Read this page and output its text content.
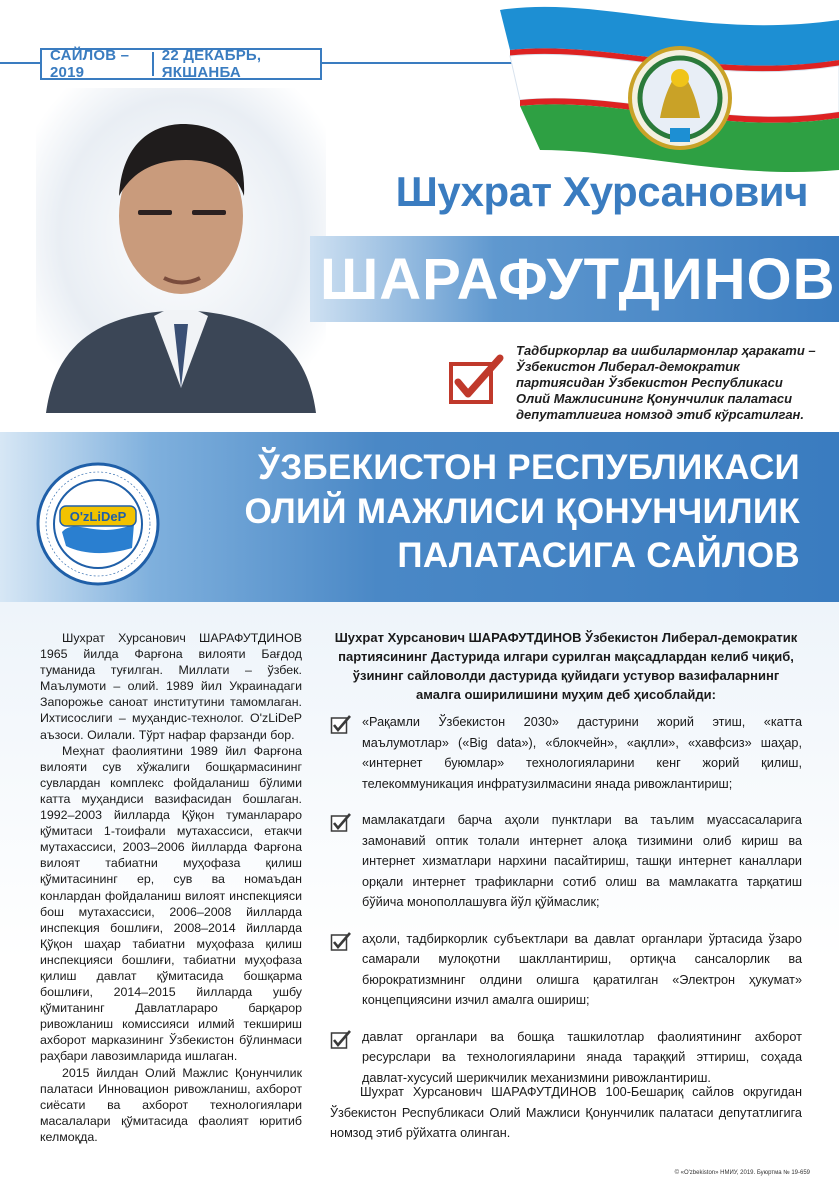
САЙЛОВ – 2019
22 ДЕКАБРЬ, ЯКШАНБА
Шухрат Хурсанович
ШАРАФУТДИНОВ
Тадбиркорлар ва ишбилармонлар ҳаракати – Ўзбекистон Либерал-демократик партиясидан Ўзбекистон Республикаси Олий Мажлисининг Қонунчилик палатаси депутатлигига номзод этиб кўрсатилган.
ЎЗБЕКИСТОН РЕСПУБЛИКАСИ
ОЛИЙ МАЖЛИСИ ҚОНУНЧИЛИК
ПАЛАТАСИГА САЙЛОВ
O'zLiDeP

Шухрат Хурсанович ШАРАФУТДИНОВ 1965 йилда Фарғона вилояти Бағдод туманида туғилган. Миллати – ўзбек. Маълумоти – олий. 1989 йил Украинадаги Запорожье саноат институтини тамомлаган. Ихтисослиги – муҳандис-технолог. O'zLiDeP аъзоси. Оилали. Тўрт нафар фарзанди бор.

Меҳнат фаолиятини 1989 йил Фарғона вилояти сув хўжалиги бошқармасининг сувлардан комплекс фойдаланиш бўлими катта муҳандиси вазифасидан бошлаган. 1992–2003 йилларда Қўқон туманлараро қўмитаси 1-тоифали мутахассиси, етакчи мутахассиси, 2003–2006 йилларда Фарғона вилоят табиатни муҳофаза қилиш қўмитасининг ер, сув ва номаъдан конлардан фойдаланиш вилоят инспекцияси бош мутахассиси, 2006–2008 йилларда инспекция бошлиғи, 2008–2014 йилларда Қўқон шаҳар табиатни муҳофаза қилиш инспекцияси бошлиғи, табиатни муҳофаза қилиш давлат қўмитасида бошқарма бошлиғи, 2014–2015 йилларда ушбу қўмитанинг Давлатлараро барқарор ривожланиш комиссияси илмий текшириш ахборот марказининг Ўзбекистон бўлинмаси раҳбари лавозимларида ишлаган.

2015 йилдан Олий Мажлис Қонунчилик палатаси Инновацион ривожланиш, ахборот сиёсати ва ахборот технологиялари масалалари қўмитасида фаолият юритиб келмоқда.

Шухрат Хурсанович ШАРАФУТДИНОВ Ўзбекистон Либерал-демократик партиясининг Дастурида илгари сурилган мақсадлардан келиб чиқиб, ўзининг сайловолди дастурида қуйидаги устувор вазифаларнинг амалга оширилишини муҳим деб ҳисоблайди:
«Рақамли Ўзбекистон 2030» дастурини жорий этиш, «катта маълумотлар» («Big data»), «блокчейн», «ақлли», «хавфсиз» шаҳар, «интернет буюмлар» технологияларини кенг жорий қилиш, телекоммуникация инфратузилмасини янада ривожлантириш;
мамлакатдаги барча аҳоли пунктлари ва таълим муассасаларига замонавий оптик толали интернет алоқа тизимини олиб кириш ва интернет хизматлари нархини пасайтириш, ташқи интернет каналлари орқали интернет трафикларни сотиб олиш ва мамлакатга тарқатиш бўйича монополлашувга йўл қўймаслик;
аҳоли, тадбиркорлик субъектлари ва давлат органлари ўртасида ўзаро самарали мулоқотни шакллантириш, ортиқча сансалорлик ва бюрократизмнинг олдини олишга қаратилган «Электрон ҳукумат» концепциясини изчил амалга ошириш;
давлат органлари ва бошқа ташкилотлар фаолиятининг ахборот ресурслари ва технологияларини янада тараққий эттириш, соҳада давлат-хусусий шерикчилик механизмини ривожлантириш.
Шухрат Хурсанович ШАРАФУТДИНОВ 100-Бешариқ сайлов округидан Ўзбекистон Республикаси Олий Мажлиси Қонунчилик палатаси депутатлигига номзод этиб рўйхатга олинган.
© «O'zbekiston» НМИУ, 2019. Буюртма № 19-659
